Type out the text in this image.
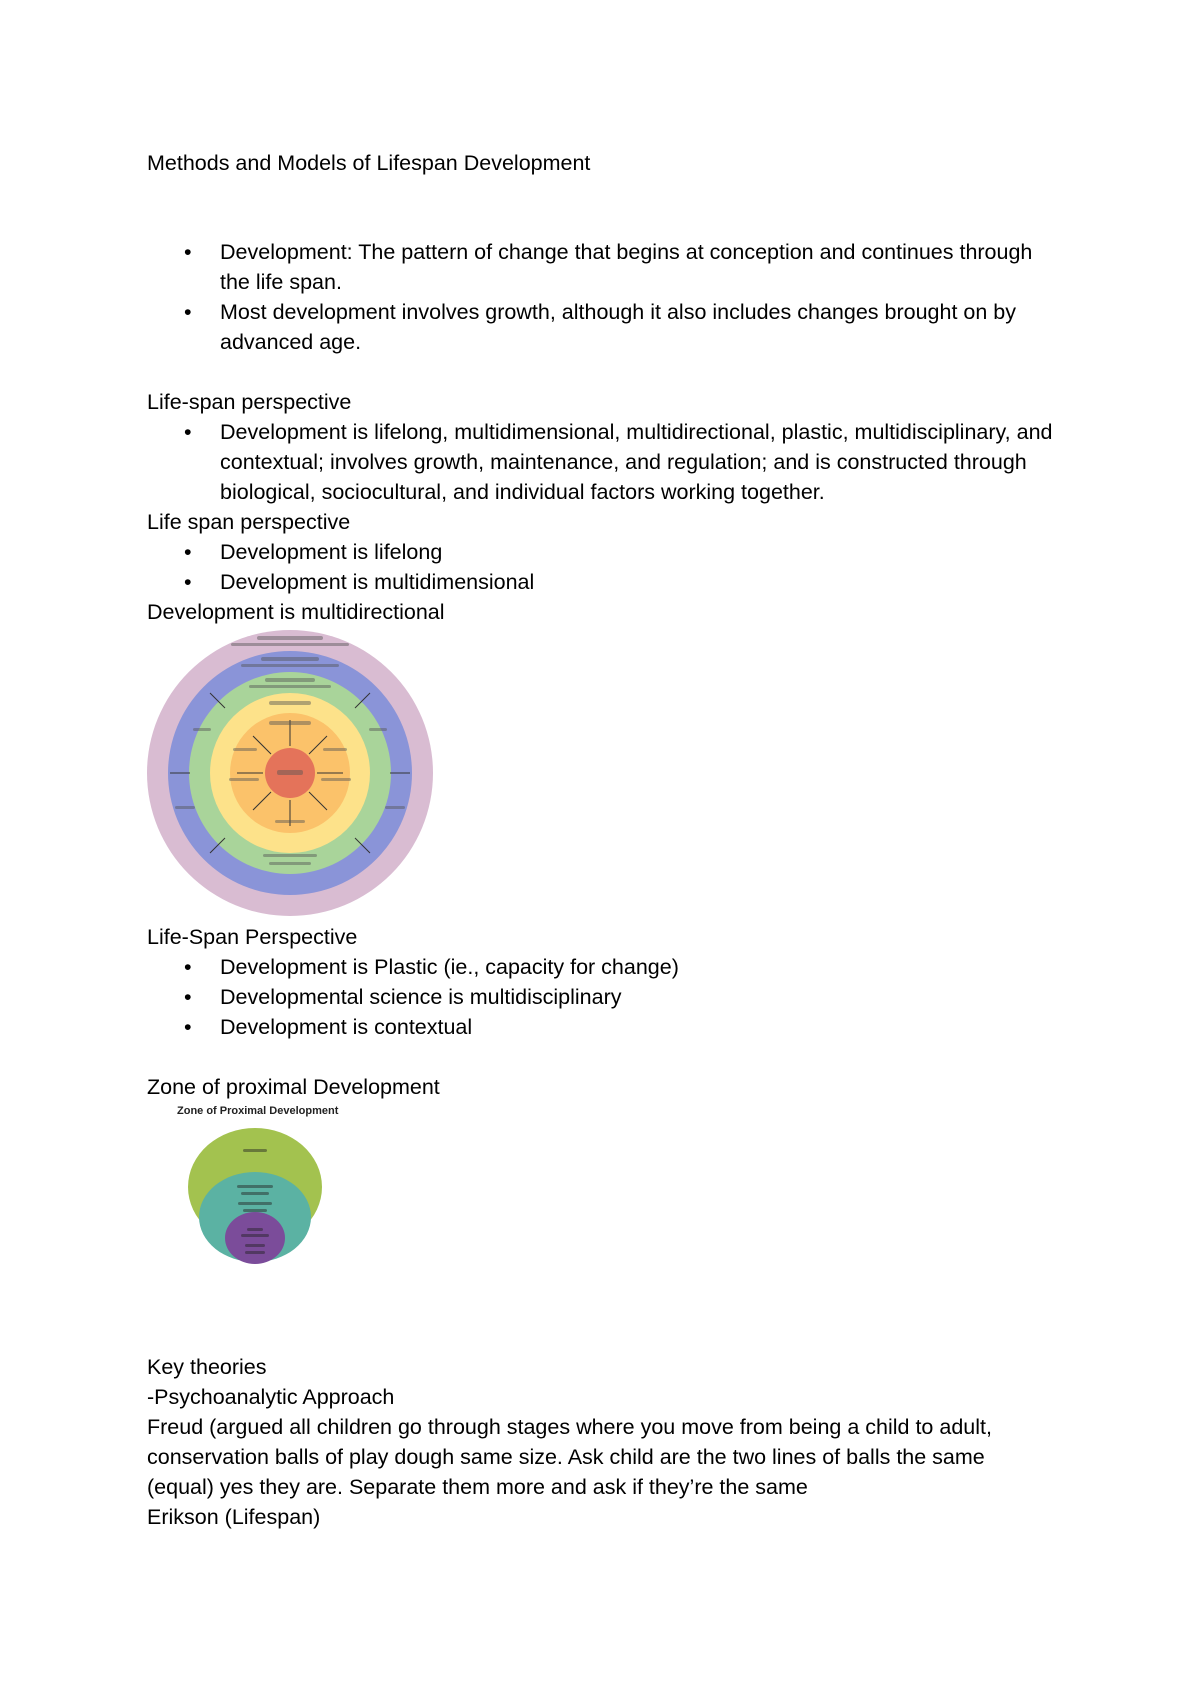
Methods and Models of Lifespan Development
• Development: The pattern of change that begins at conception and continues through the life span.
• Most development involves growth, although it also includes changes brought on by advanced age.
Life-span perspective
• Development is lifelong, multidimensional, multidirectional, plastic, multidisciplinary, and contextual; involves growth, maintenance, and regulation; and is constructed through biological, sociocultural, and individual factors working together.
Life span perspective
• Development is lifelong
• Development is multidimensional
Development is multidirectional
Life-Span Perspective
• Development is Plastic (ie., capacity for change)
• Developmental science is multidisciplinary
• Development is contextual
Zone of proximal Development
Zone of Proximal Development
Key theories
-Psychoanalytic Approach
Freud (argued all children go through stages where you move from being a child to adult, conservation balls of play dough same size. Ask child are the two lines of balls the same (equal) yes they are. Separate them more and ask if they’re the same
Erikson (Lifespan)
